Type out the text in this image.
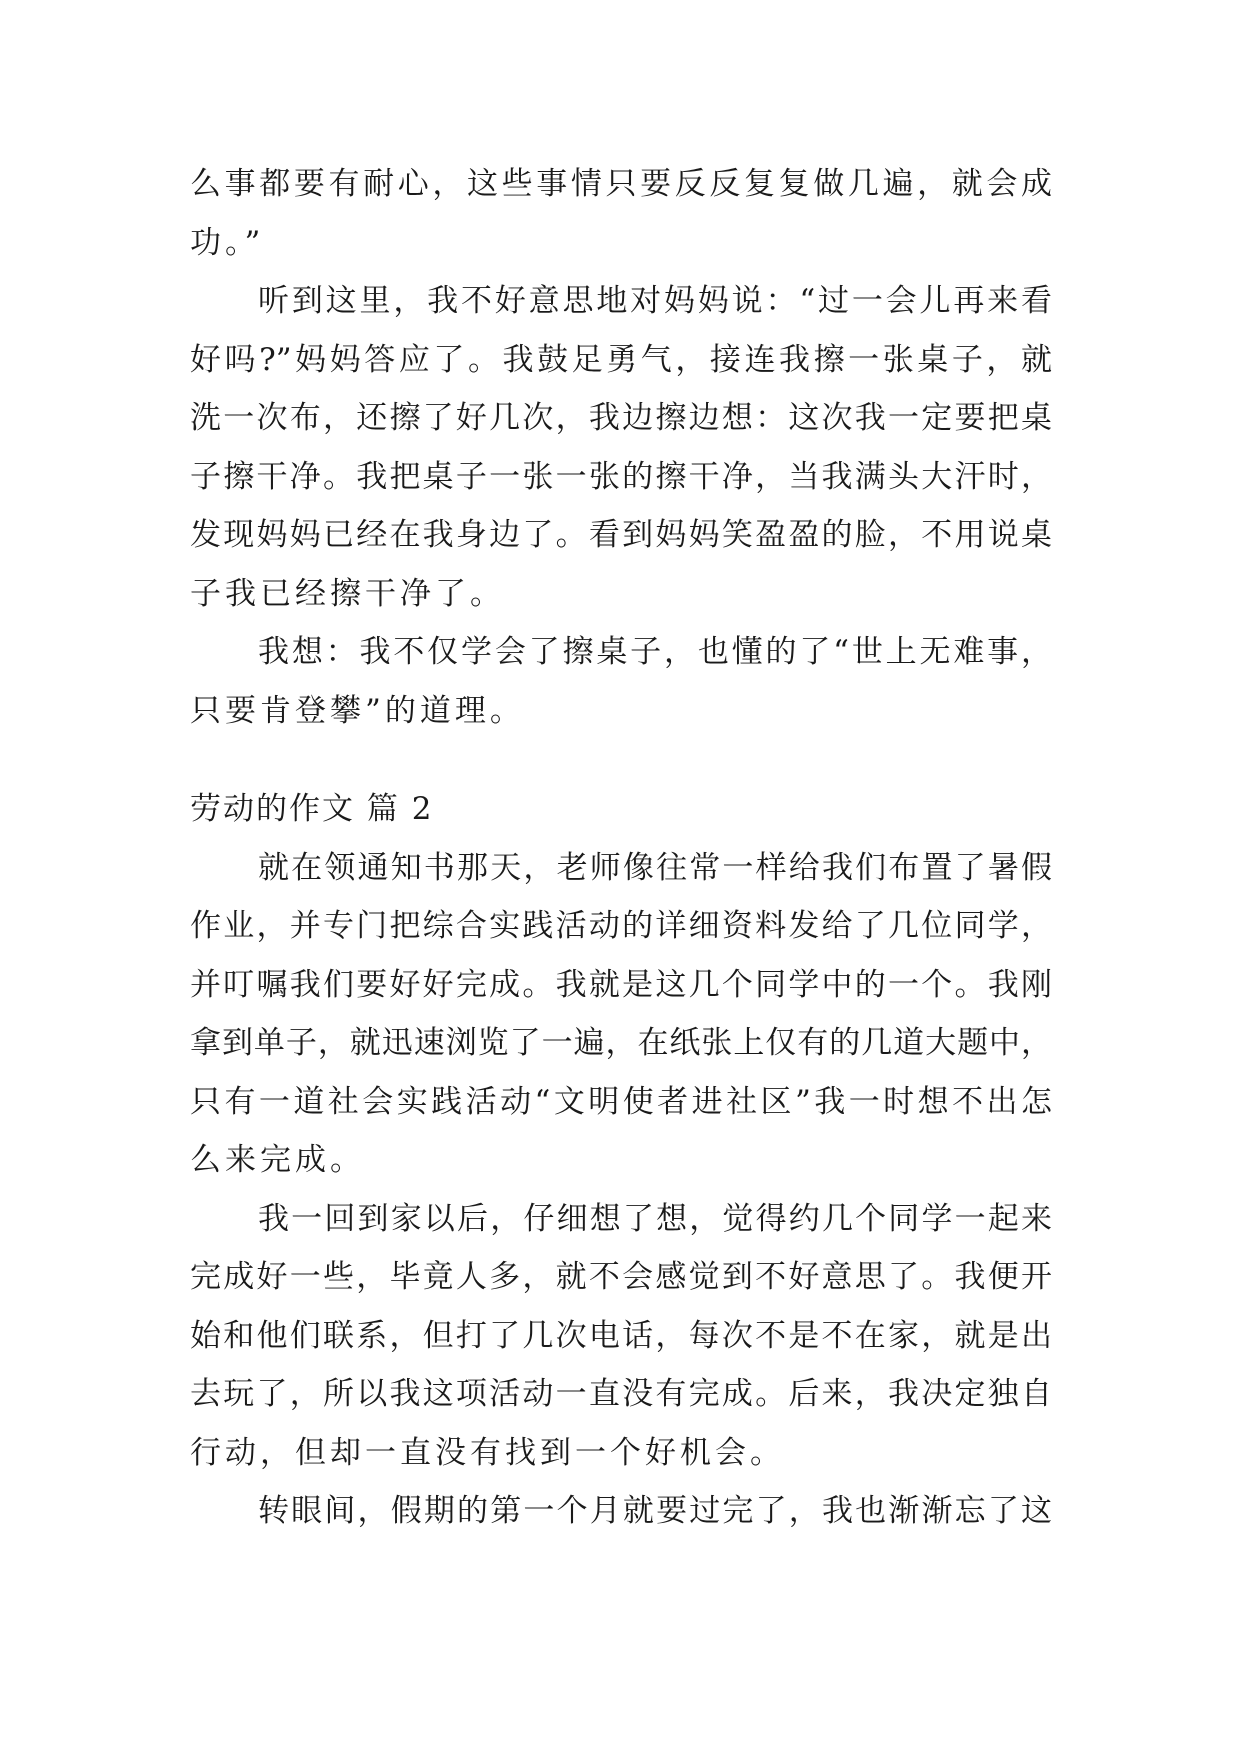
么事都要有耐心，这些事情只要反反复复做几遍，就会成
功。”
听到这里，我不好意思地对妈妈说：“过一会儿再来看
好吗?”妈妈答应了。我鼓足勇气，接连我擦一张桌子，就
洗一次布，还擦了好几次，我边擦边想：这次我一定要把桌
子擦干净。我把桌子一张一张的擦干净，当我满头大汗时，
发现妈妈已经在我身边了。看到妈妈笑盈盈的脸，不用说桌
子我已经擦干净了。
我想：我不仅学会了擦桌子，也懂的了“世上无难事，
只要肯登攀”的道理。
劳动的作文 篇 2
就在领通知书那天，老师像往常一样给我们布置了暑假
作业，并专门把综合实践活动的详细资料发给了几位同学，
并叮嘱我们要好好完成。我就是这几个同学中的一个。我刚
拿到单子，就迅速浏览了一遍，在纸张上仅有的几道大题中，
只有一道社会实践活动“文明使者进社区”我一时想不出怎
么来完成。
我一回到家以后，仔细想了想，觉得约几个同学一起来
完成好一些，毕竟人多，就不会感觉到不好意思了。我便开
始和他们联系，但打了几次电话，每次不是不在家，就是出
去玩了，所以我这项活动一直没有完成。后来，我决定独自
行动，但却一直没有找到一个好机会。
转眼间，假期的第一个月就要过完了，我也渐渐忘了这
